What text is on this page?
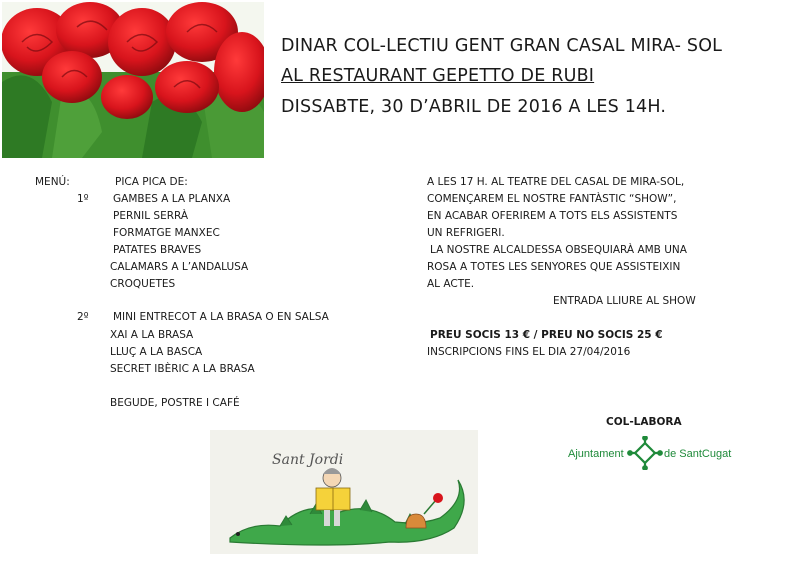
DINAR COL-LECTIU GENT GRAN CASAL MIRA- SOL
AL RESTAURANT GEPETTO DE RUBI
DISSABTE, 30 D’ABRIL DE 2016 A LES 14H.
MENÚ:	PICA PICA DE:
1º GAMBES A LA PLANXA
PERNIL SERRÀ
FORMATGE MANXEC
PATATES BRAVES
CALAMARS A L’ANDALUSA
CROQUETES
2º MINI ENTRECOT A LA BRASA O EN SALSA
XAI A LA BRASA
LLUÇ A LA BASCA
SECRET IBÈRIC A LA BRASA
BEGUDE, POSTRE I CAFÉ
A LES 17 H. AL TEATRE DEL CASAL DE MIRA-SOL,
COMENÇAREM EL NOSTRE FANTÀSTIC “SHOW”,
EN ACABAR OFERIREM A TOTS ELS ASSISTENTS
UN REFRIGERI.
LA NOSTRE ALCALDESSA OBSEQUIARÀ AMB UNA
ROSA A TOTES LES SENYORES QUE ASSISTEIXIN
AL ACTE.
ENTRADA LLIURE AL SHOW
PREU SOCIS 13 € / PREU NO SOCIS 25 €
INSCRIPCIONS FINS EL DIA 27/04/2016
COL-LABORA
Ajuntament	de SantCugat
Sant Jordi
